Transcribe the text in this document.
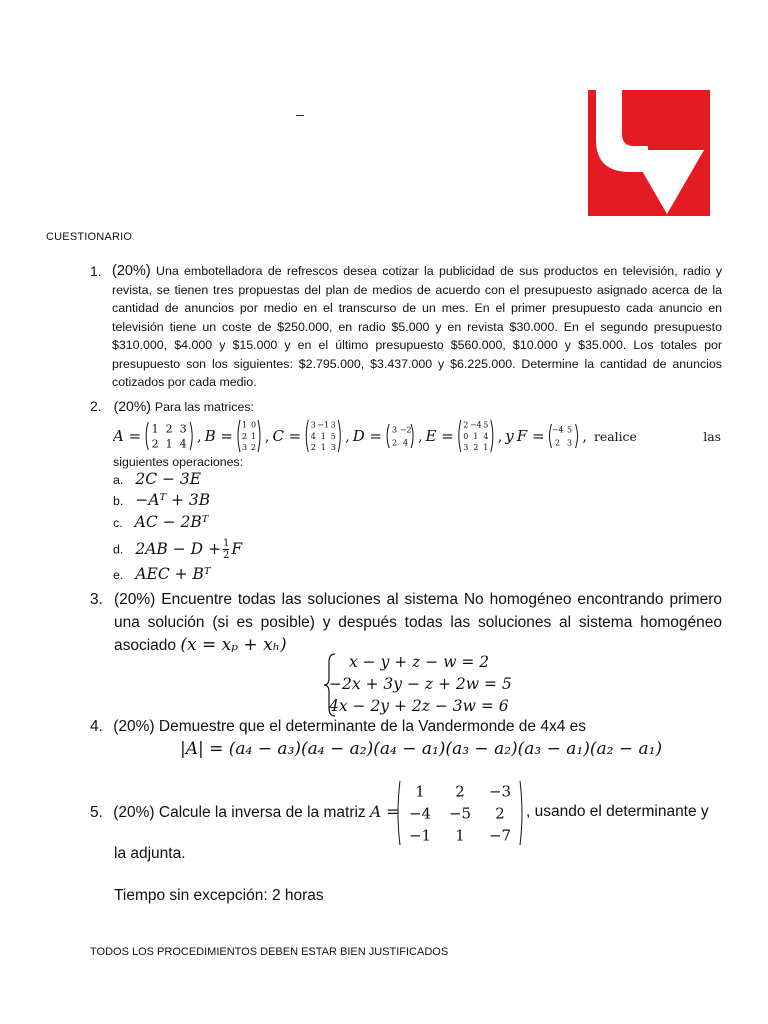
–
CUESTIONARIO
1. (20%) Una embotelladora de refrescos desea cotizar la publicidad de sus productos en televisión, radio y revista, se tienen tres propuestas del plan de medios de acuerdo con el presupuesto asignado acerca de la cantidad de anuncios por medio en el transcurso de un mes. En el primer presupuesto cada anuncio en televisión tiene un coste de $250.000, en radio $5.000 y en revista $30.000. En el segundo presupuesto $310.000, $4.000 y $15.000 y en el último presupuesto $560.000, $10.000 y $35.000. Los totales por presupuesto son los siguientes: $2.795.000, $3.437.000 y $6.225.000. Determine la cantidad de anuncios cotizados por cada medio.
2. (20%) Para las matrices:
A = 1 2 3
2 1 4 , B =
1 0
2 1
3 2
, C =
3 −1 3
4 1 5
2 1 3
, D = 3 −2
2 4 , E =
2 −4 5
0 1 4
3 2 1
, y F = −4 5
2 3 , realice	las
siguientes operaciones:
a. 2C − 3E
b. −Aᵀ + 3B
c. AC − 2Bᵀ
d. $2AB - D + \frac{1}{2}$ F
e. AEC + Bᵀ
3. (20%) Encuentre todas las soluciones al sistema No homogéneo encontrando primero una solución (si es posible) y después todas las soluciones al sistema homogéneo asociado (x = xₚ + xₕ)
x − y + z − w = 2
−2x + 3y − z + 2w = 5
4x − 2y + 2z − 3w = 6
4. (20%) Demuestre que el determinante de la Vandermonde de 4x4 es
|A| = (a₄ − a₃)(a₄ − a₂)(a₄ − a₁)(a₃ − a₂)(a₃ − a₁)(a₂ − a₁)
5. (20%) Calcule la inversa de la matriz A =
1 2 −3
−4 −5 2
−1 1 −7
, usando el determinante y
la adjunta.
Tiempo sin excepción: 2 horas
TODOS LOS PROCEDIMIENTOS DEBEN ESTAR BIEN JUSTIFICADOS
